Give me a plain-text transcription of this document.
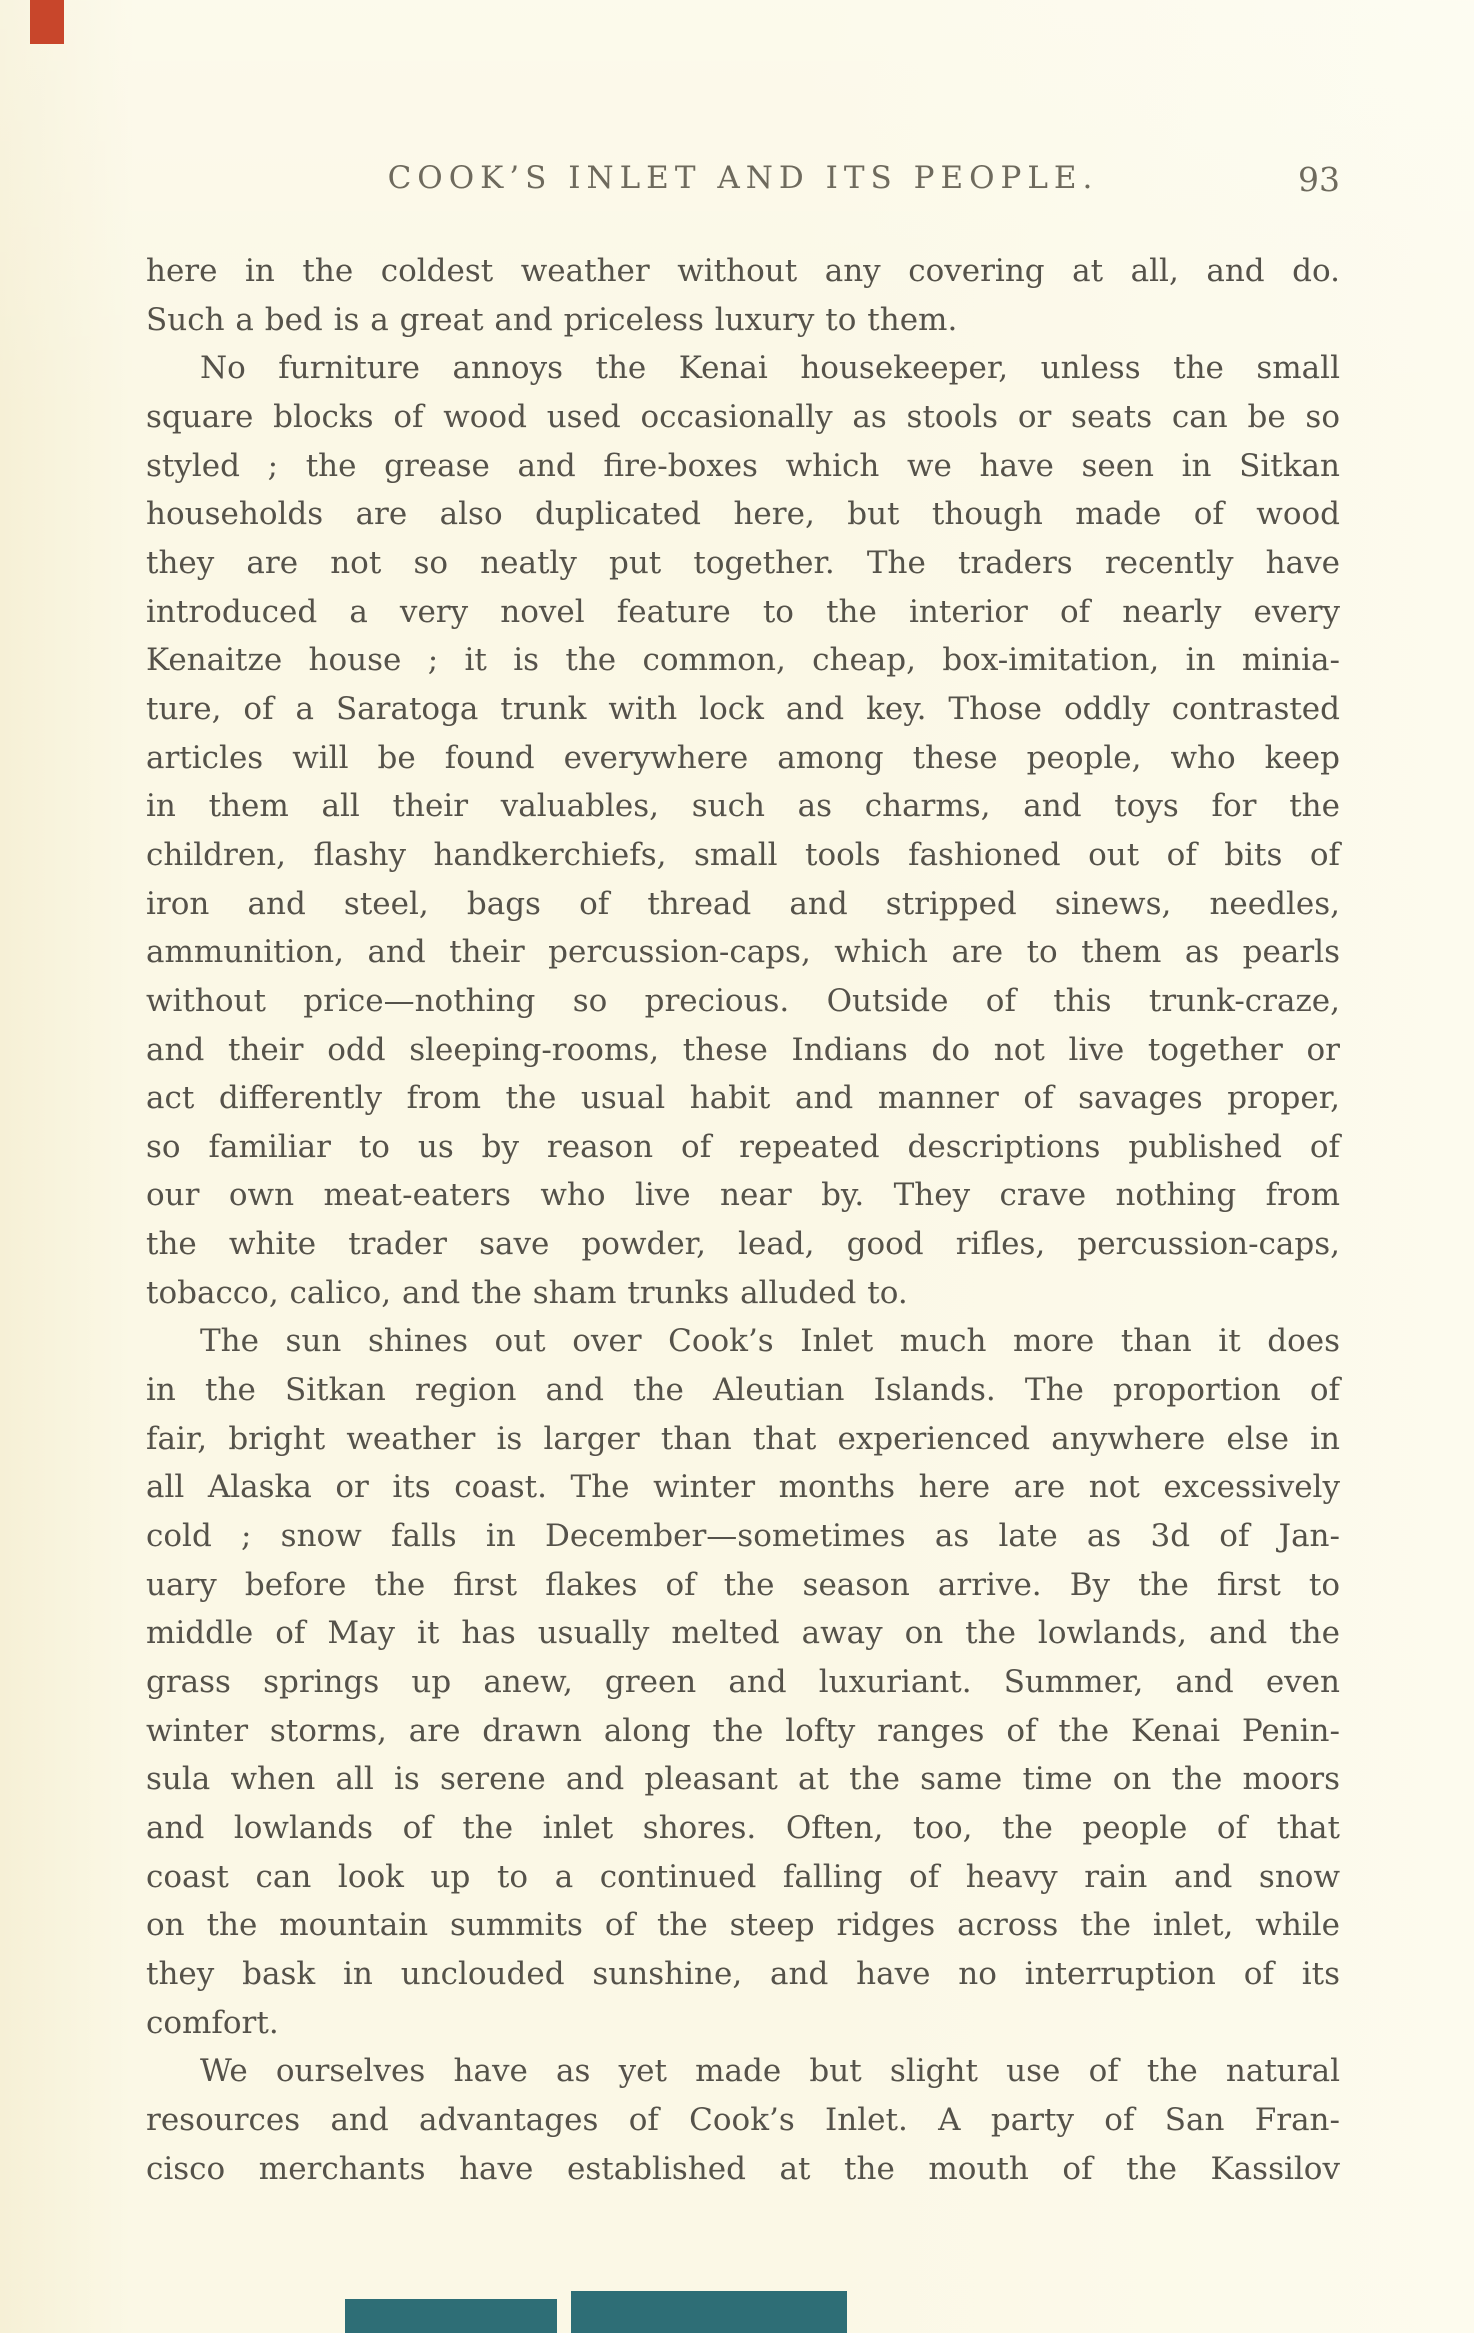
COOK’S INLET AND ITS PEOPLE.	93

here in the coldest weather without any covering at all, and do.
Such a bed is a great and priceless luxury to them.

No furniture annoys the Kenai housekeeper, unless the small
square blocks of wood used occasionally as stools or seats can be so
styled ; the grease and fire-boxes which we have seen in Sitkan
households are also duplicated here, but though made of wood
they are not so neatly put together. The traders recently have
introduced a very novel feature to the interior of nearly every
Kenaitze house ; it is the common, cheap, box-imitation, in minia-
ture, of a Saratoga trunk with lock and key. Those oddly contrasted
articles will be found everywhere among these people, who keep
in them all their valuables, such as charms, and toys for the
children, flashy handkerchiefs, small tools fashioned out of bits of
iron and steel, bags of thread and stripped sinews, needles,
ammunition, and their percussion-caps, which are to them as pearls
without price—nothing so precious. Outside of this trunk-craze,
and their odd sleeping-rooms, these Indians do not live together or
act differently from the usual habit and manner of savages proper,
so familiar to us by reason of repeated descriptions published of
our own meat-eaters who live near by. They crave nothing from
the white trader save powder, lead, good rifles, percussion-caps,
tobacco, calico, and the sham trunks alluded to.

The sun shines out over Cook’s Inlet much more than it does
in the Sitkan region and the Aleutian Islands. The proportion of
fair, bright weather is larger than that experienced anywhere else in
all Alaska or its coast. The winter months here are not excessively
cold ; snow falls in December—sometimes as late as 3d of Jan-
uary before the first flakes of the season arrive. By the first to
middle of May it has usually melted away on the lowlands, and the
grass springs up anew, green and luxuriant. Summer, and even
winter storms, are drawn along the lofty ranges of the Kenai Penin-
sula when all is serene and pleasant at the same time on the moors
and lowlands of the inlet shores. Often, too, the people of that
coast can look up to a continued falling of heavy rain and snow
on the mountain summits of the steep ridges across the inlet, while
they bask in unclouded sunshine, and have no interruption of its
comfort.

We ourselves have as yet made but slight use of the natural
resources and advantages of Cook’s Inlet. A party of San Fran-
cisco merchants have established at the mouth of the Kassilov
